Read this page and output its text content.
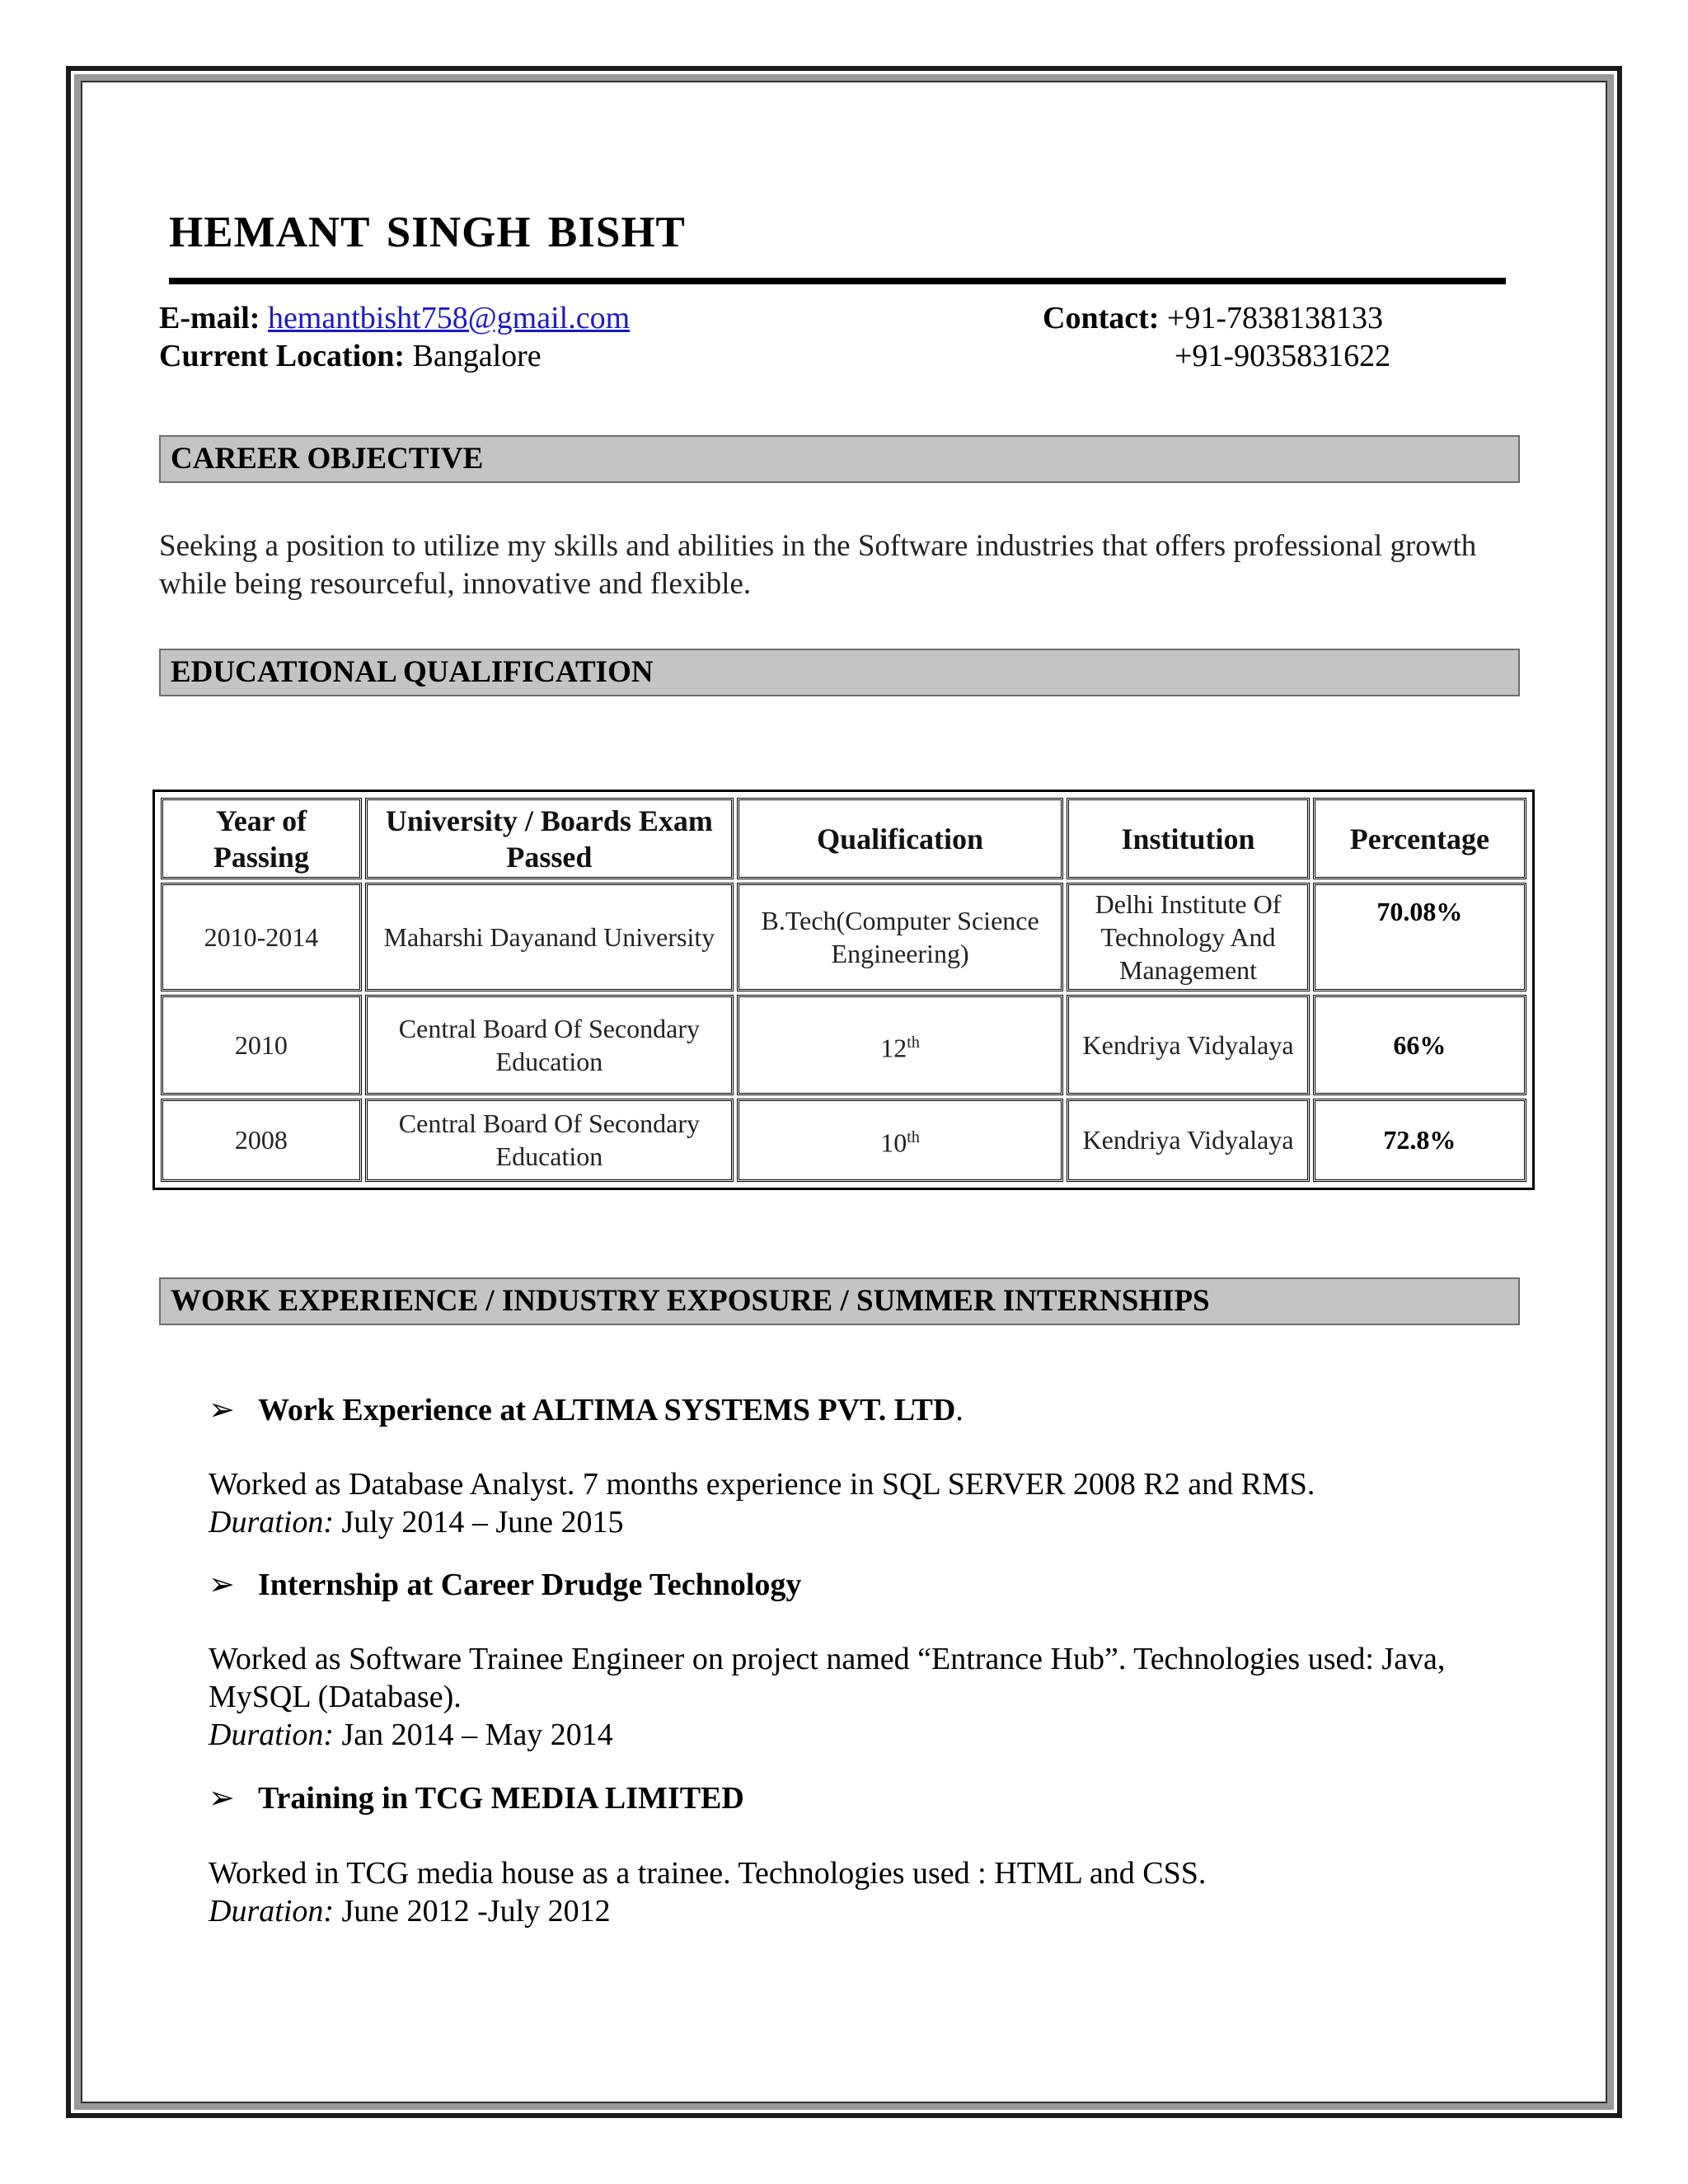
HEMANT SINGH BISHT
E-mail: hemantbisht758@gmail.com
Current Location: Bangalore
Contact: +91-7838138133
+91-9035831622
CAREER OBJECTIVE
Seeking a position to utilize my skills and abilities in the Software industries that offers professional growth while being resourceful, innovative and flexible.
EDUCATIONAL QUALIFICATION
Year of Passing	University / Boards Exam Passed	Qualification	Institution	Percentage
2010-2014	Maharshi Dayanand University	B.Tech(Computer Science Engineering)	Delhi Institute Of Technology And Management	70.08%
2010	Central Board Of Secondary Education	12th	Kendriya Vidyalaya	66%
2008	Central Board Of Secondary Education	10th	Kendriya Vidyalaya	72.8%
WORK EXPERIENCE / INDUSTRY EXPOSURE / SUMMER INTERNSHIPS
➢ Work Experience at ALTIMA SYSTEMS PVT. LTD.
Worked as Database Analyst. 7 months experience in SQL SERVER 2008 R2 and RMS.
Duration: July 2014 – June 2015
➢ Internship at Career Drudge Technology
Worked as Software Trainee Engineer on project named “Entrance Hub”. Technologies used: Java, MySQL (Database).
Duration: Jan 2014 – May 2014
➢ Training in TCG MEDIA LIMITED
Worked in TCG media house as a trainee. Technologies used : HTML and CSS.
Duration: June 2012 -July 2012
